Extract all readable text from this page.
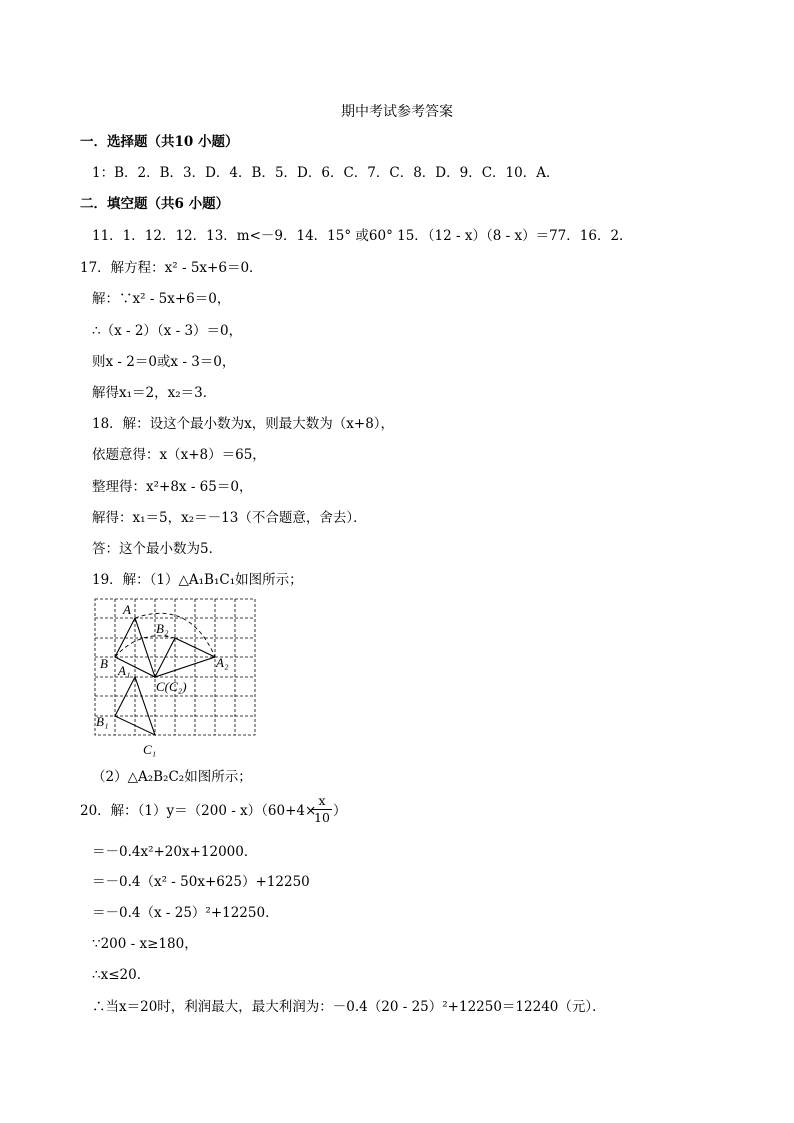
期中考试参考答案
一．选择题（共10 小题）
1：B．2．B．3．D．4．B．5．D．6．C．7．C．8．D．9．C．10．A．
二．填空题（共6 小题）
11．1．12．12．13．m<－9．14．15° 或60° 15．（12 - x）（8 - x）＝77．16．2．
17．解方程：x² - 5x+6＝0．
解：∵x² - 5x+6＝0，
∴（x - 2）（x - 3）＝0，
则x - 2＝0或x - 3＝0，
解得x₁＝2，x₂＝3．
18．解：设这个最小数为x，则最大数为（x+8），
依题意得：x（x+8）＝65，
整理得：x²+8x - 65＝0，
解得：x₁＝5，x₂＝－13（不合题意，舍去）．
答：这个最小数为5．
19．解：（1）△A₁B₁C₁如图所示；
A
B
B₂
A₂
A₁
C(C₂)
B₁
C₁
（2）△A₂B₂C₂如图所示；
20．解：（1）y＝（200 - x）（60+4×
x
10 ）
＝－0.4x²+20x+12000．
＝－0.4（x² - 50x+625）+12250
＝－0.4（x - 25）²+12250．
∵200 - x≥180，
∴x≤20．
∴当x＝20时，利润最大，最大利润为：－0.4（20 - 25）²+12250＝12240（元）．
